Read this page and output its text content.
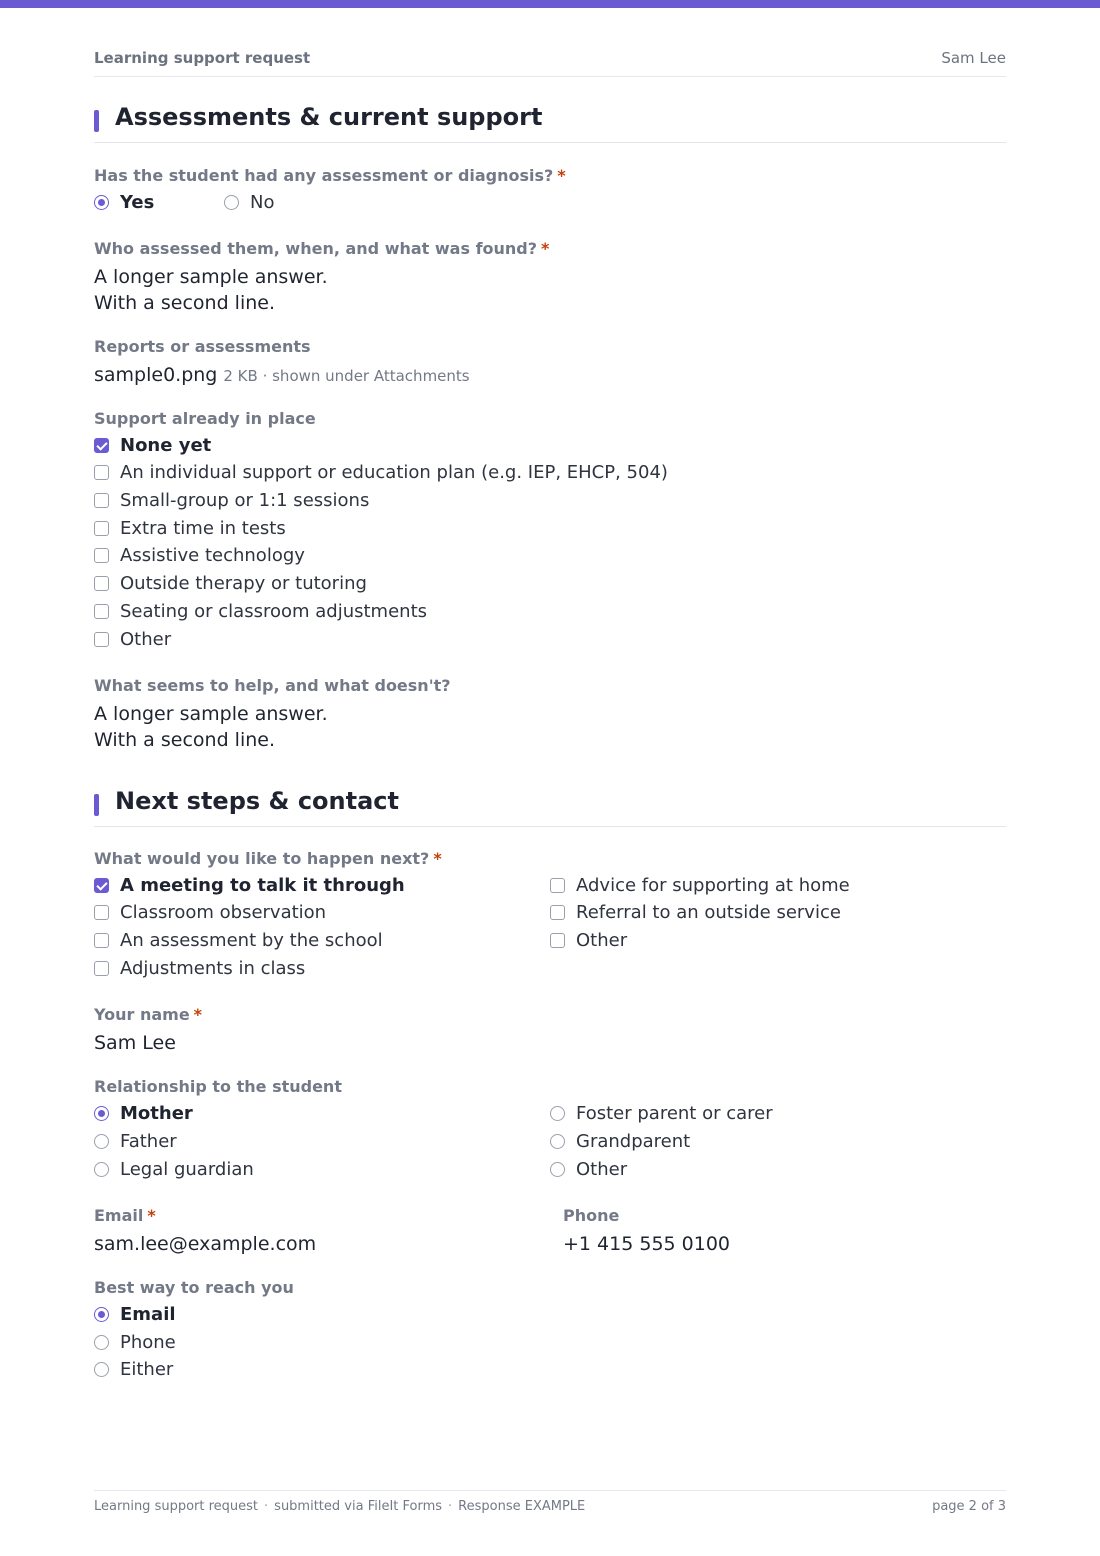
Learning support request	Sam Lee
Assessments & current support
Has the student had any assessment or diagnosis? *
Yes	No
Who assessed them, when, and what was found? *
A longer sample answer.
With a second line.
Reports or assessments
sample0.png 2 KB · shown under Attachments
Support already in place
None yet
An individual support or education plan (e.g. IEP, EHCP, 504)
Small-group or 1:1 sessions
Extra time in tests
Assistive technology
Outside therapy or tutoring
Seating or classroom adjustments
Other
What seems to help, and what doesn't?
A longer sample answer.
With a second line.
Next steps & contact
What would you like to happen next? *
A meeting to talk it through
Classroom observation
An assessment by the school
Adjustments in class
Advice for supporting at home
Referral to an outside service
Other
Your name *
Sam Lee
Relationship to the student
Mother
Father
Legal guardian
Foster parent or carer
Grandparent
Other
Email *
sam.lee@example.com
Phone
+1 415 555 0100
Best way to reach you
Email
Phone
Either
Learning support request · submitted via FileIt Forms · Response EXAMPLE	page 2 of 3
